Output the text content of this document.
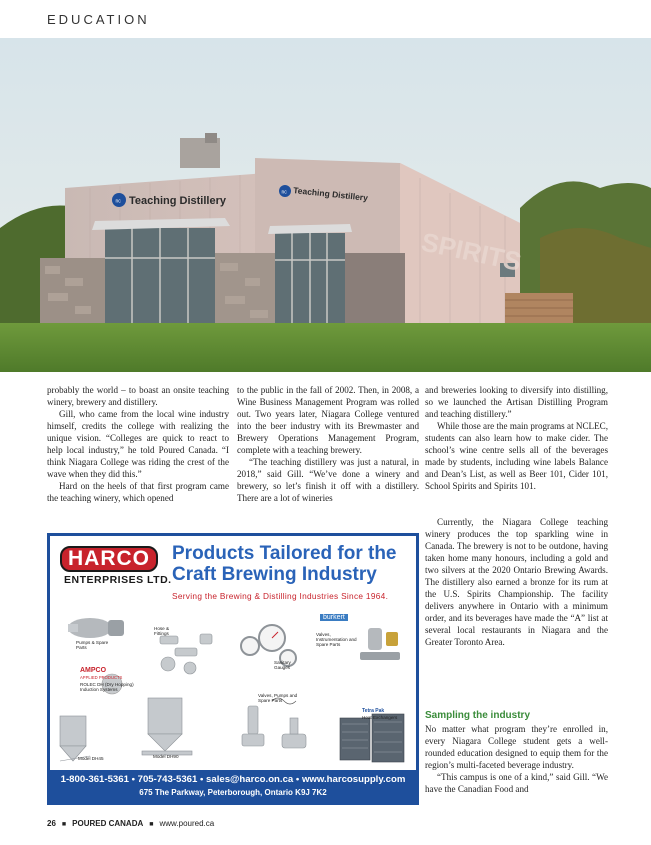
EDUCATION
nc
nc
Teaching Distillery	Teaching Distillery
SPIRITS

probably the world – to boast an onsite teaching winery, brewery and distillery.

Gill, who came from the local wine industry himself, credits the college with realizing the unique vision. “Colleges are quick to react to help local industry,” he told Poured Canada. “I think Niagara College was riding the crest of the wave when they did this.”

Hard on the heels of that first program came the teaching winery, which opened

to the public in the fall of 2002. Then, in 2008, a Wine Business Management Program was rolled out. Two years later, Niagara College ventured into the beer industry with its Brewmaster and Brewery Operations Management Program, complete with a teaching brewery.

“The teaching distillery was just a natural, in 2018,” said Gill. “We’ve done a winery and brewery, so let’s finish it off with a distillery. There are a lot of wineries

and breweries looking to diversify into distilling, so we launched the Artisan Distilling Program and teaching distillery.”

While those are the main programs at NCLEC, students can also learn how to make cider. The school’s wine centre sells all of the beverages made by students, including wine labels Balance and Dean’s List, as well as Beer 101, Cider 101, School Spirits and Spirits 101.

Currently, the Niagara College teaching winery produces the top sparkling wine in Canada. The brewery is not to be outdone, having taken home many honours, including a gold and two silvers at the 2020 Ontario Brewing Awards. The distillery also earned a bronze for its rum at the U.S. Spirits Championship. The facility delivers anywhere in Ontario with a minimum order, and its beverages have made the “A” list at several local restaurants in Niagara and the Greater Toronto Area.

Sampling the industry

No matter what program they’re enrolled in, every Niagara College student gets a well-rounded education designed to equip them for the region’s multi-faceted beverage industry.

“This campus is one of a kind,” said Gill. “We have the Canadian Food and

HARCO
ENTERPRISES LTD.
Products Tailored for the
Craft Brewing Industry
Serving the Brewing & Distilling Industries Since 1964.
Pumps & Spare Parts
Hose & Fittings
Sanitary Gauges
burkert
Valves, Instrumentation and Spare Parts
AMPCO
APPLIED PRODUCTS
ROLEC DH (Dry Hopping) Induction Systems
Valves, Pumps and Spare Parts
Tetra Pak
Heat Exchangers
Model DH45	Model DH90
1-800-361-5361 • 705-743-5361 • sales@harco.on.ca • www.harcosupply.com
675 The Parkway, Peterborough, Ontario K9J 7K2
26 ■ POURED CANADA ■ www.poured.ca
